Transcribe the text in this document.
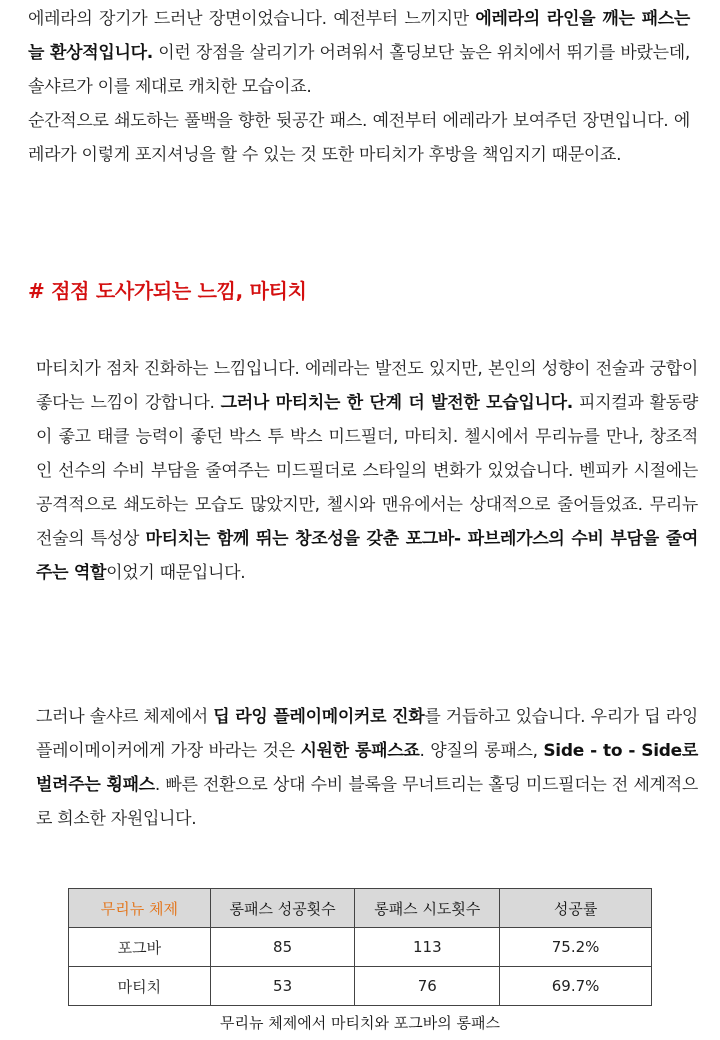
에레라의 장기가 드러난 장면이었습니다. 예전부터 느끼지만 에레라의 라인을 깨는 패스는 늘 환상적입니다. 이런 장점을 살리기가 어려워서 홀딩보단 높은 위치에서 뛰기를 바랐는데, 솔샤르가 이를 제대로 캐치한 모습이죠.
순간적으로 쇄도하는 풀백을 향한 뒷공간 패스. 예전부터 에레라가 보여주던 장면입니다. 에레라가 이렇게 포지셔닝을 할 수 있는 것 또한 마티치가 후방을 책임지기 때문이죠.

# 점점 도사가되는 느낌, 마티치

마티치가 점차 진화하는 느낌입니다. 에레라는 발전도 있지만, 본인의 성향이 전술과 궁합이 좋다는 느낌이 강합니다. 그러나 마티치는 한 단계 더 발전한 모습입니다. 피지컬과 활동량이 좋고 태클 능력이 좋던 박스 투 박스 미드필더, 마티치. 첼시에서 무리뉴를 만나, 창조적인 선수의 수비 부담을 줄여주는 미드필더로 스타일의 변화가 있었습니다. 벤피카 시절에는 공격적으로 쇄도하는 모습도 많았지만, 첼시와 맨유에서는 상대적으로 줄어들었죠. 무리뉴 전술의 특성상 마티치는 함께 뛰는 창조성을 갖춘 포그바- 파브레가스의 수비 부담을 줄여주는 역할이었기 때문입니다.

그러나 솔샤르 체제에서 딥 라잉 플레이메이커로 진화를 거듭하고 있습니다. 우리가 딥 라잉 플레이메이커에게 가장 바라는 것은 시원한 롱패스죠. 양질의 롱패스, Side - to - Side로 벌려주는 횡패스. 빠른 전환으로 상대 수비 블록을 무너트리는 홀딩 미드필더는 전 세계적으로 희소한 자원입니다.

무리뉴 체제	롱패스 성공횟수	롱패스 시도횟수	성공률
포그바	85	113	75.2%
마티치	53	76	69.7%
무리뉴 체제에서 마티치와 포그바의 롱패스
